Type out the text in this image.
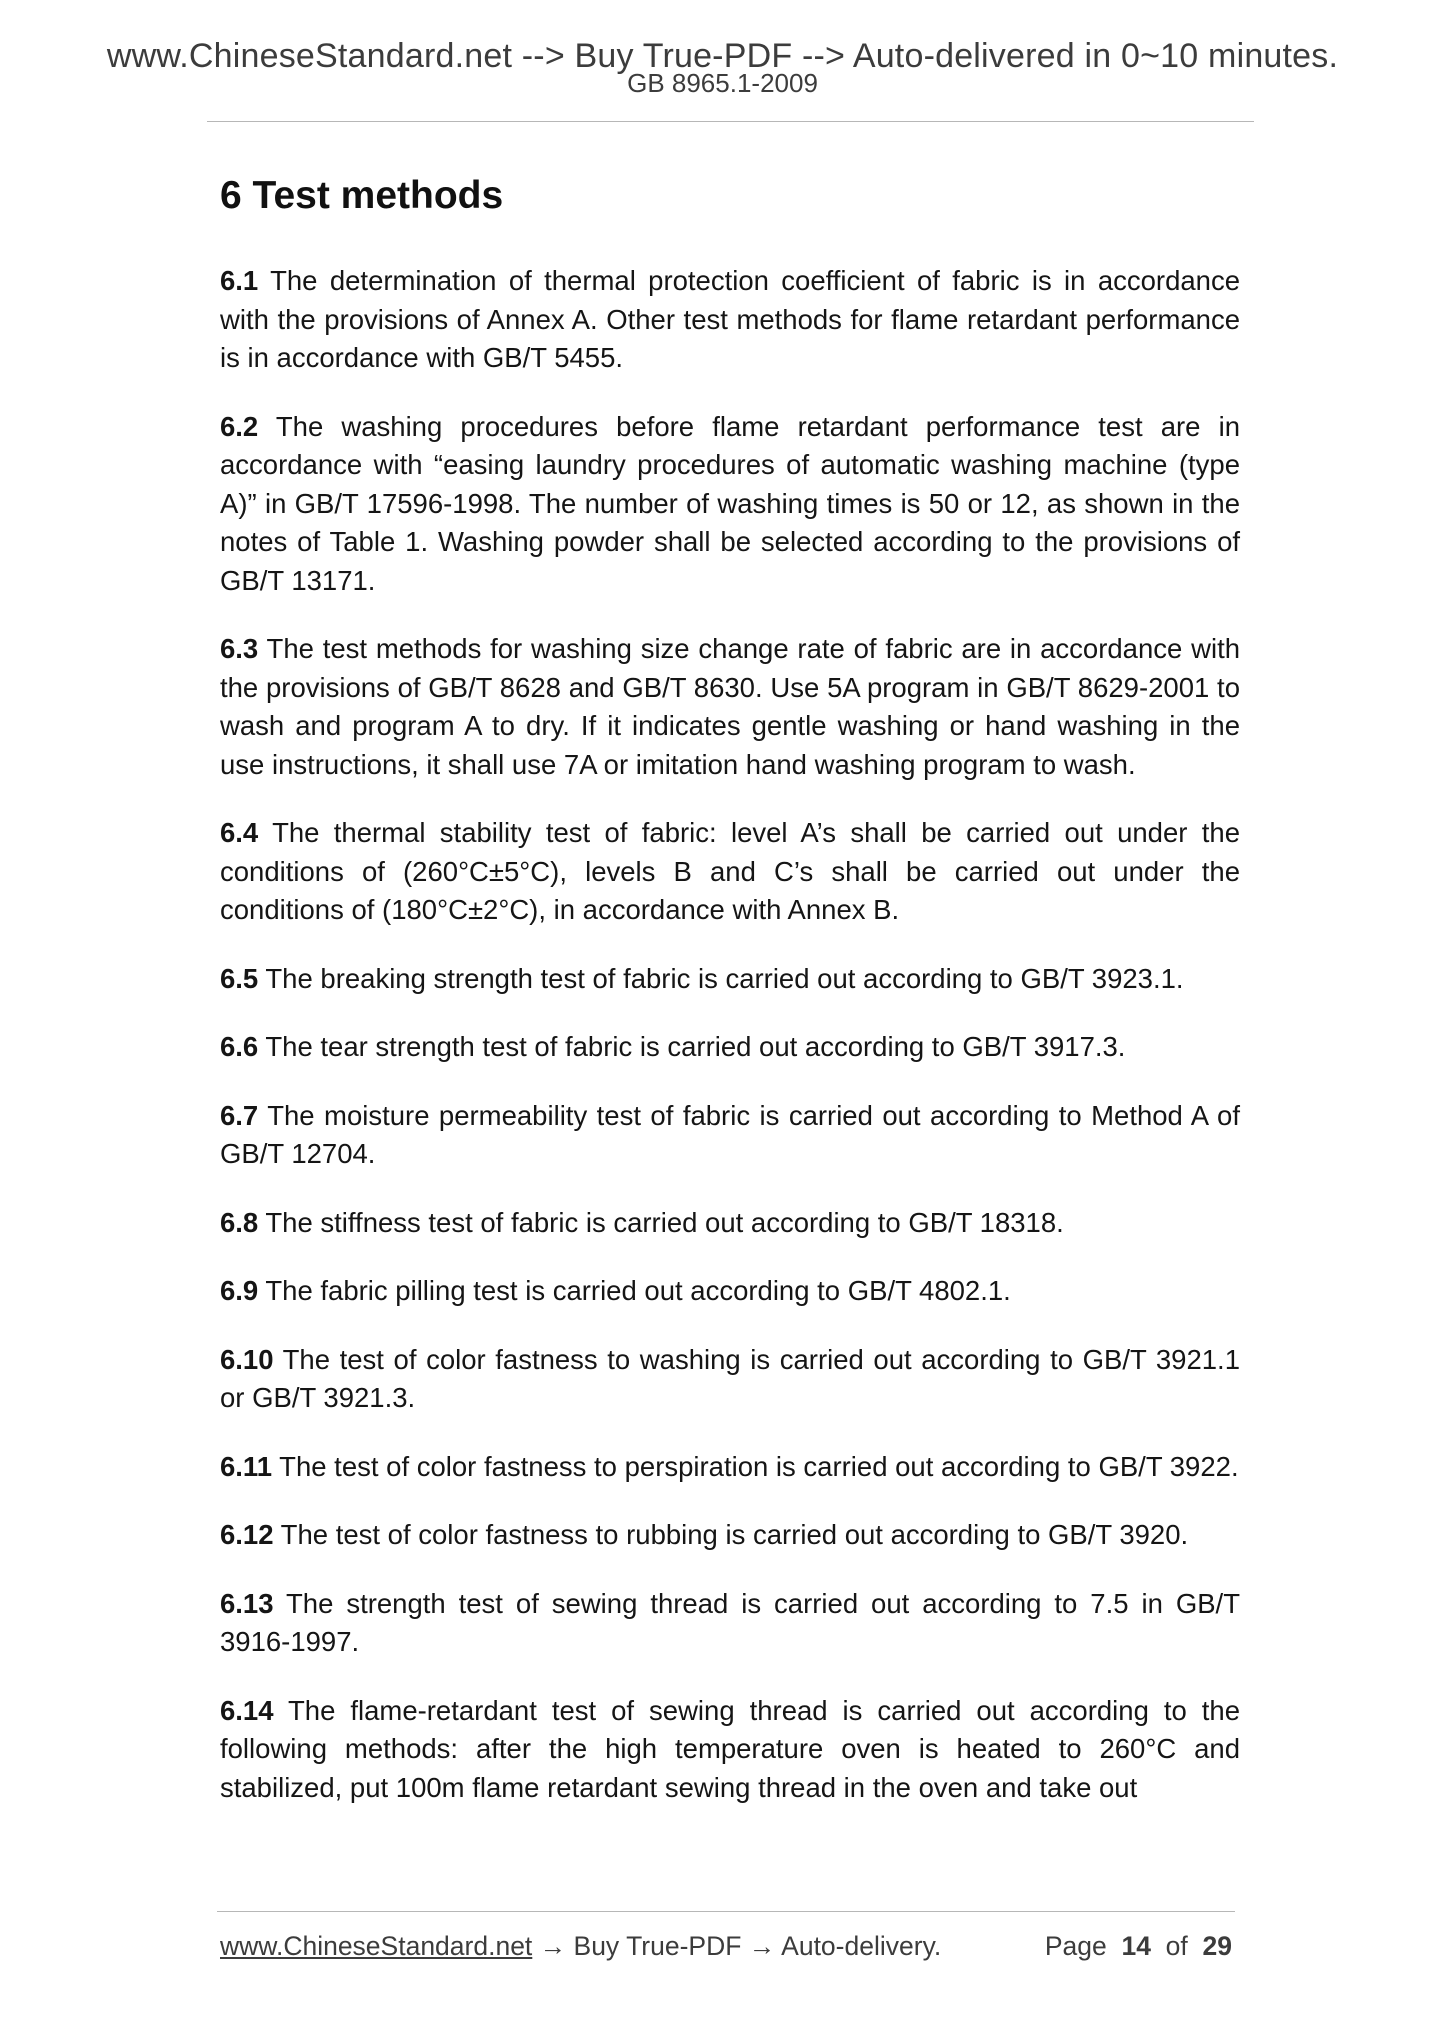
www.ChineseStandard.net --> Buy True-PDF --> Auto-delivered in 0~10 minutes.
GB 8965.1-2009
6 Test methods

6.1 The determination of thermal protection coefficient of fabric is in accordance with the provisions of Annex A. Other test methods for flame retardant performance is in accordance with GB/T 5455.

6.2 The washing procedures before flame retardant performance test are in accordance with “easing laundry procedures of automatic washing machine (type A)” in GB/T 17596-1998. The number of washing times is 50 or 12, as shown in the notes of Table 1. Washing powder shall be selected according to the provisions of GB/T 13171.

6.3 The test methods for washing size change rate of fabric are in accordance with the provisions of GB/T 8628 and GB/T 8630. Use 5A program in GB/T 8629-2001 to wash and program A to dry. If it indicates gentle washing or hand washing in the use instructions, it shall use 7A or imitation hand washing program to wash.

6.4 The thermal stability test of fabric: level A’s shall be carried out under the conditions of (260°C±5°C), levels B and C’s shall be carried out under the conditions of (180°C±2°C), in accordance with Annex B.

6.5 The breaking strength test of fabric is carried out according to GB/T 3923.1.

6.6 The tear strength test of fabric is carried out according to GB/T 3917.3.

6.7 The moisture permeability test of fabric is carried out according to Method A of GB/T 12704.

6.8 The stiffness test of fabric is carried out according to GB/T 18318.

6.9 The fabric pilling test is carried out according to GB/T 4802.1.

6.10 The test of color fastness to washing is carried out according to GB/T 3921.1 or GB/T 3921.3.

6.11 The test of color fastness to perspiration is carried out according to GB/T 3922.

6.12 The test of color fastness to rubbing is carried out according to GB/T 3920.

6.13 The strength test of sewing thread is carried out according to 7.5 in GB/T 3916-1997.

6.14 The flame-retardant test of sewing thread is carried out according to the following methods: after the high temperature oven is heated to 260°C and stabilized, put 100m flame retardant sewing thread in the oven and take out

www.ChineseStandard.net → Buy True-PDF → Auto-delivery.	Page 14 of 29
